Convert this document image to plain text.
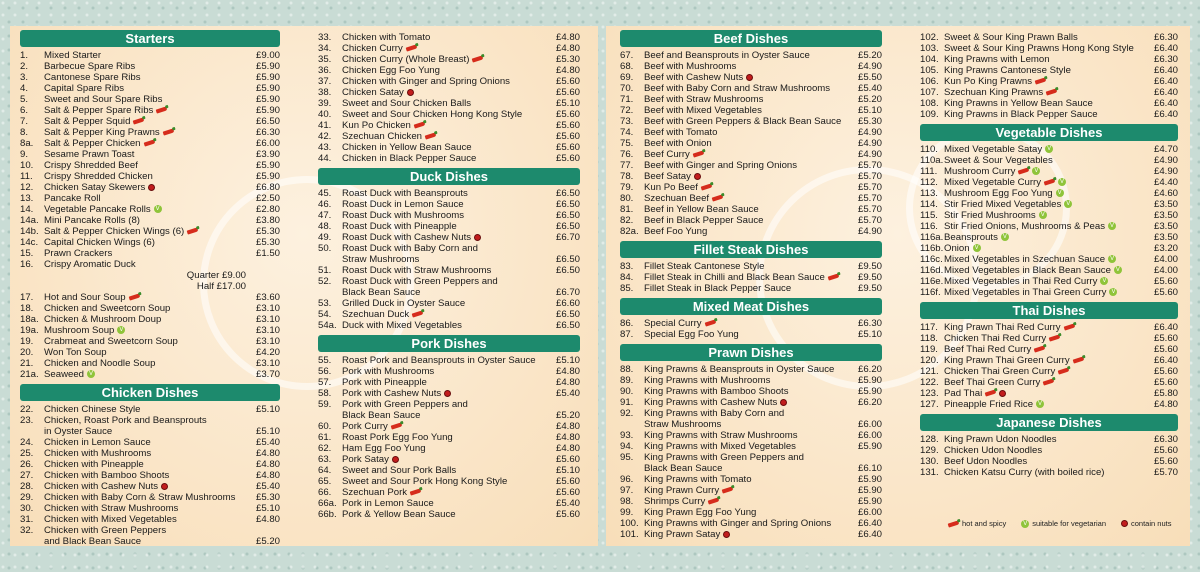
Starters
1.	Mixed Starter	£9.00
2.	Barbecue Spare Ribs	£5.90
3.	Cantonese Spare Ribs	£5.90
4.	Capital Spare Ribs	£5.90
5.	Sweet and Sour Spare Ribs	£5.90
6.	Salt & Pepper Spare Ribs	£5.90
7.	Salt & Pepper Squid	£6.50
8.	Salt & Pepper King Prawns	£6.30
8a.	Salt & Pepper Chicken	£6.00
9.	Sesame Prawn Toast	£3.90
10.	Crispy Shredded Beef	£5.90
11.	Crispy Shredded Chicken	£5.90
12.	Chicken Satay Skewers	£6.80
13.	Pancake Roll	£2.50
14.	Vegetable Pancake Rolls V	£2.80
14a. Mini Pancake Rolls (8)	£3.80
14b. Salt & Pepper Chicken Wings (6)	£5.30
14c. Capital Chicken Wings (6)	£5.30
15.	Prawn Crackers	£1.50
16.	Crispy Aromatic Duck
Quarter £9.00
Half £17.00
17.	Hot and Sour Soup	£3.60
18.	Chicken and Sweetcorn Soup	£3.10
18a. Chicken & Mushroom Doup	£3.10
19a. Mushroom Soup V	£3.10
19.	Crabmeat and Sweetcorn Soup	£3.10
20.	Won Ton Soup	£4.20
21.	Chicken and Noodle Soup	£3.10
21a. Seaweed V	£3.70
Chicken Dishes
22.	Chicken Chinese Style	£5.10
23.	Chicken, Roast Pork and Beansprouts
in Oyster Sauce	£5.10
24.	Chicken in Lemon Sauce	£5.40
25.	Chicken with Mushrooms	£4.80
26.	Chicken with Pineapple	£4.80
27.	Chicken with Bamboo Shoots	£4.80
28.	Chicken with Cashew Nuts	£5.40
29.	Chicken with Baby Corn & Straw Mushrooms	£5.30
30.	Chicken with Straw Mushrooms	£5.10
31.	Chicken with Mixed Vegetables	£4.80
32.	Chicken with Green Peppers
and Black Bean Sauce	£5.20
33.	Chicken with Tomato	£4.80
34.	Chicken Curry	£4.80
35.	Chicken Curry (Whole Breast)	£5.30
36.	Chicken Egg Foo Yung	£4.80
37.	Chicken with Ginger and Spring Onions	£5.60
38.	Chicken Satay	£5.60
39.	Sweet and Sour Chicken Balls	£5.10
40.	Sweet and Sour Chicken Hong Kong Style	£5.60
41.	Kun Po Chicken	£5.60
42.	Szechuan Chicken	£5.60
43.	Chicken in Yellow Bean Sauce	£5.60
44.	Chicken in Black Pepper Sauce	£5.60
Duck Dishes
45.	Roast Duck with Beansprouts	£6.50
46.	Roast Duck in Lemon Sauce	£6.50
47.	Roast Duck with Mushrooms	£6.50
48.	Roast Duck with Pineapple	£6.50
49.	Roast Duck with Cashew Nuts	£6.70
50.	Roast Duck with Baby Corn and
Straw Mushrooms	£6.50
51.	Roast Duck with Straw Mushrooms	£6.50
52.	Roast Duck with Green Peppers and
Black Bean Sauce	£6.70
53.	Grilled Duck in Oyster Sauce	£6.60
54.	Szechuan Duck	£6.50
54a. Duck with Mixed Vegetables	£6.50
Pork Dishes
55.	Roast Pork and Beansprouts in Oyster Sauce	£5.10
56.	Pork with Mushrooms	£4.80
57.	Pork with Pineapple	£4.80
58.	Pork with Cashew Nuts	£5.40
59.	Pork with Green Peppers and
Black Bean Sauce	£5.20
60.	Pork Curry	£4.80
61.	Roast Pork Egg Foo Yung	£4.80
62.	Ham Egg Foo Yung	£4.80
63.	Pork Satay	£5.60
64.	Sweet and Sour Pork Balls	£5.10
65.	Sweet and Sour Pork Hong Kong Style	£5.60
66.	Szechuan Pork	£5.60
66a. Pork in Lemon Sauce	£5.40
66b. Pork & Yellow Bean Sauce	£5.60
Beef Dishes
67.	Beef and Beansprouts in Oyster Sauce	£5.20
68.	Beef with Mushrooms	£4.90
69.	Beef with Cashew Nuts	£5.50
70.	Beef with Baby Corn and Straw Mushrooms	£5.40
71.	Beef with Straw Mushrooms	£5.20
72.	Beef with Mixed Vegetables	£5.10
73.	Beef with Green Peppers & Black Bean Sauce	£5.30
74.	Beef with Tomato	£4.90
75.	Beef with Onion	£4.90
76.	Beef Curry	£4.90
77.	Beef with Ginger and Spring Onions	£5.70
78.	Beef Satay	£5.70
79.	Kun Po Beef	£5.70
80.	Szechuan Beef	£5.70
81.	Beef in Yellow Bean Sauce	£5.70
82.	Beef in Black Pepper Sauce	£5.70
82a. Beef Foo Yung	£4.90
Fillet Steak Dishes
83.	Fillet Steak Cantonese Style	£9.50
84.	Fillet Steak in Chilli and Black Bean Sauce	£9.50
85.	Fillet Steak in Black Pepper Sauce	£9.50
Mixed Meat Dishes
86.	Special Curry	£6.30
87.	Special Egg Foo Yung	£5.10
Prawn Dishes
88.	King Prawns & Beansprouts in Oyster Sauce	£6.20
89.	King Prawns with Mushrooms	£5.90
90.	King Prawns with Bamboo Shoots	£5.90
91.	King Prawns with Cashew Nuts	£6.20
92.	King Prawns with Baby Corn and
Straw Mushrooms	£6.00
93.	King Prawns with Straw Mushrooms	£6.00
94.	King Prawns with Mixed Vegetables	£5.90
95.	King Prawns with Green Peppers and
Black Bean Sauce	£6.10
96.	King Prawns with Tomato	£5.90
97.	King Prawn Curry	£5.90
98.	Shrimps Curry	£5.90
99.	King Prawn Egg Foo Yung	£6.00
100. King Prawns with Ginger and Spring Onions	£6.40
101. King Prawn Satay	£6.40
102. Sweet & Sour King Prawn Balls	£6.30
103. Sweet & Sour King Prawns Hong Kong Style	£6.40
104. King Prawns with Lemon	£6.30
105. King Prawns Cantonese Style	£6.40
106. Kun Po King Prawns	£6.40
107. Szechuan King Prawns	£6.40
108. King Prawns in Yellow Bean Sauce	£6.40
109. King Prawns in Black Pepper Sauce	£6.40
Vegetable Dishes
110. Mixed Vegetable Satay V	£4.70
110a. Sweet & Sour Vegetables	£4.90
111. Mushroom Curry	V	£4.90
112. Mixed Vegetable Curry	V	£4.40
113. Mushroom Egg Foo Yung V	£4.60
114. Stir Fried Mixed Vegetables V	£3.50
115. Stir Fried Mushrooms V	£3.50
116. Stir Fried Onions, Mushrooms & Peas V	£3.50
116a. Beansprouts V	£3.50
116b. Onion V	£3.20
116c. Mixed Vegetables in Szechuan Sauce V	£4.00
116d. Mixed Vegetables in Black Bean Sauce V	£4.00
116e. Mixed Vegetables in Thai Red Curry V	£5.60
116f. Mixed Vegetables in Thai Green Curry V	£5.60
Thai Dishes
117. King Prawn Thai Red Curry	£6.40
118. Chicken Thai Red Curry	£5.60
119. Beef Thai Red Curry	£5.60
120. King Prawn Thai Green Curry	£6.40
121. Chicken Thai Green Curry	£5.60
122. Beef Thai Green Curry	£5.60
123. Pad Thai	£5.80
127. Pineapple Fried Rice V	£4.80
Japanese Dishes
128. King Prawn Udon Noodles	£6.30
129. Chicken Udon Noodles	£5.60
130. Beef Udon Noodles	£5.60
131. Chicken Katsu Curry (with boiled rice)	£5.70
hot and spicy	V suitable for vegetarian	contain nuts
